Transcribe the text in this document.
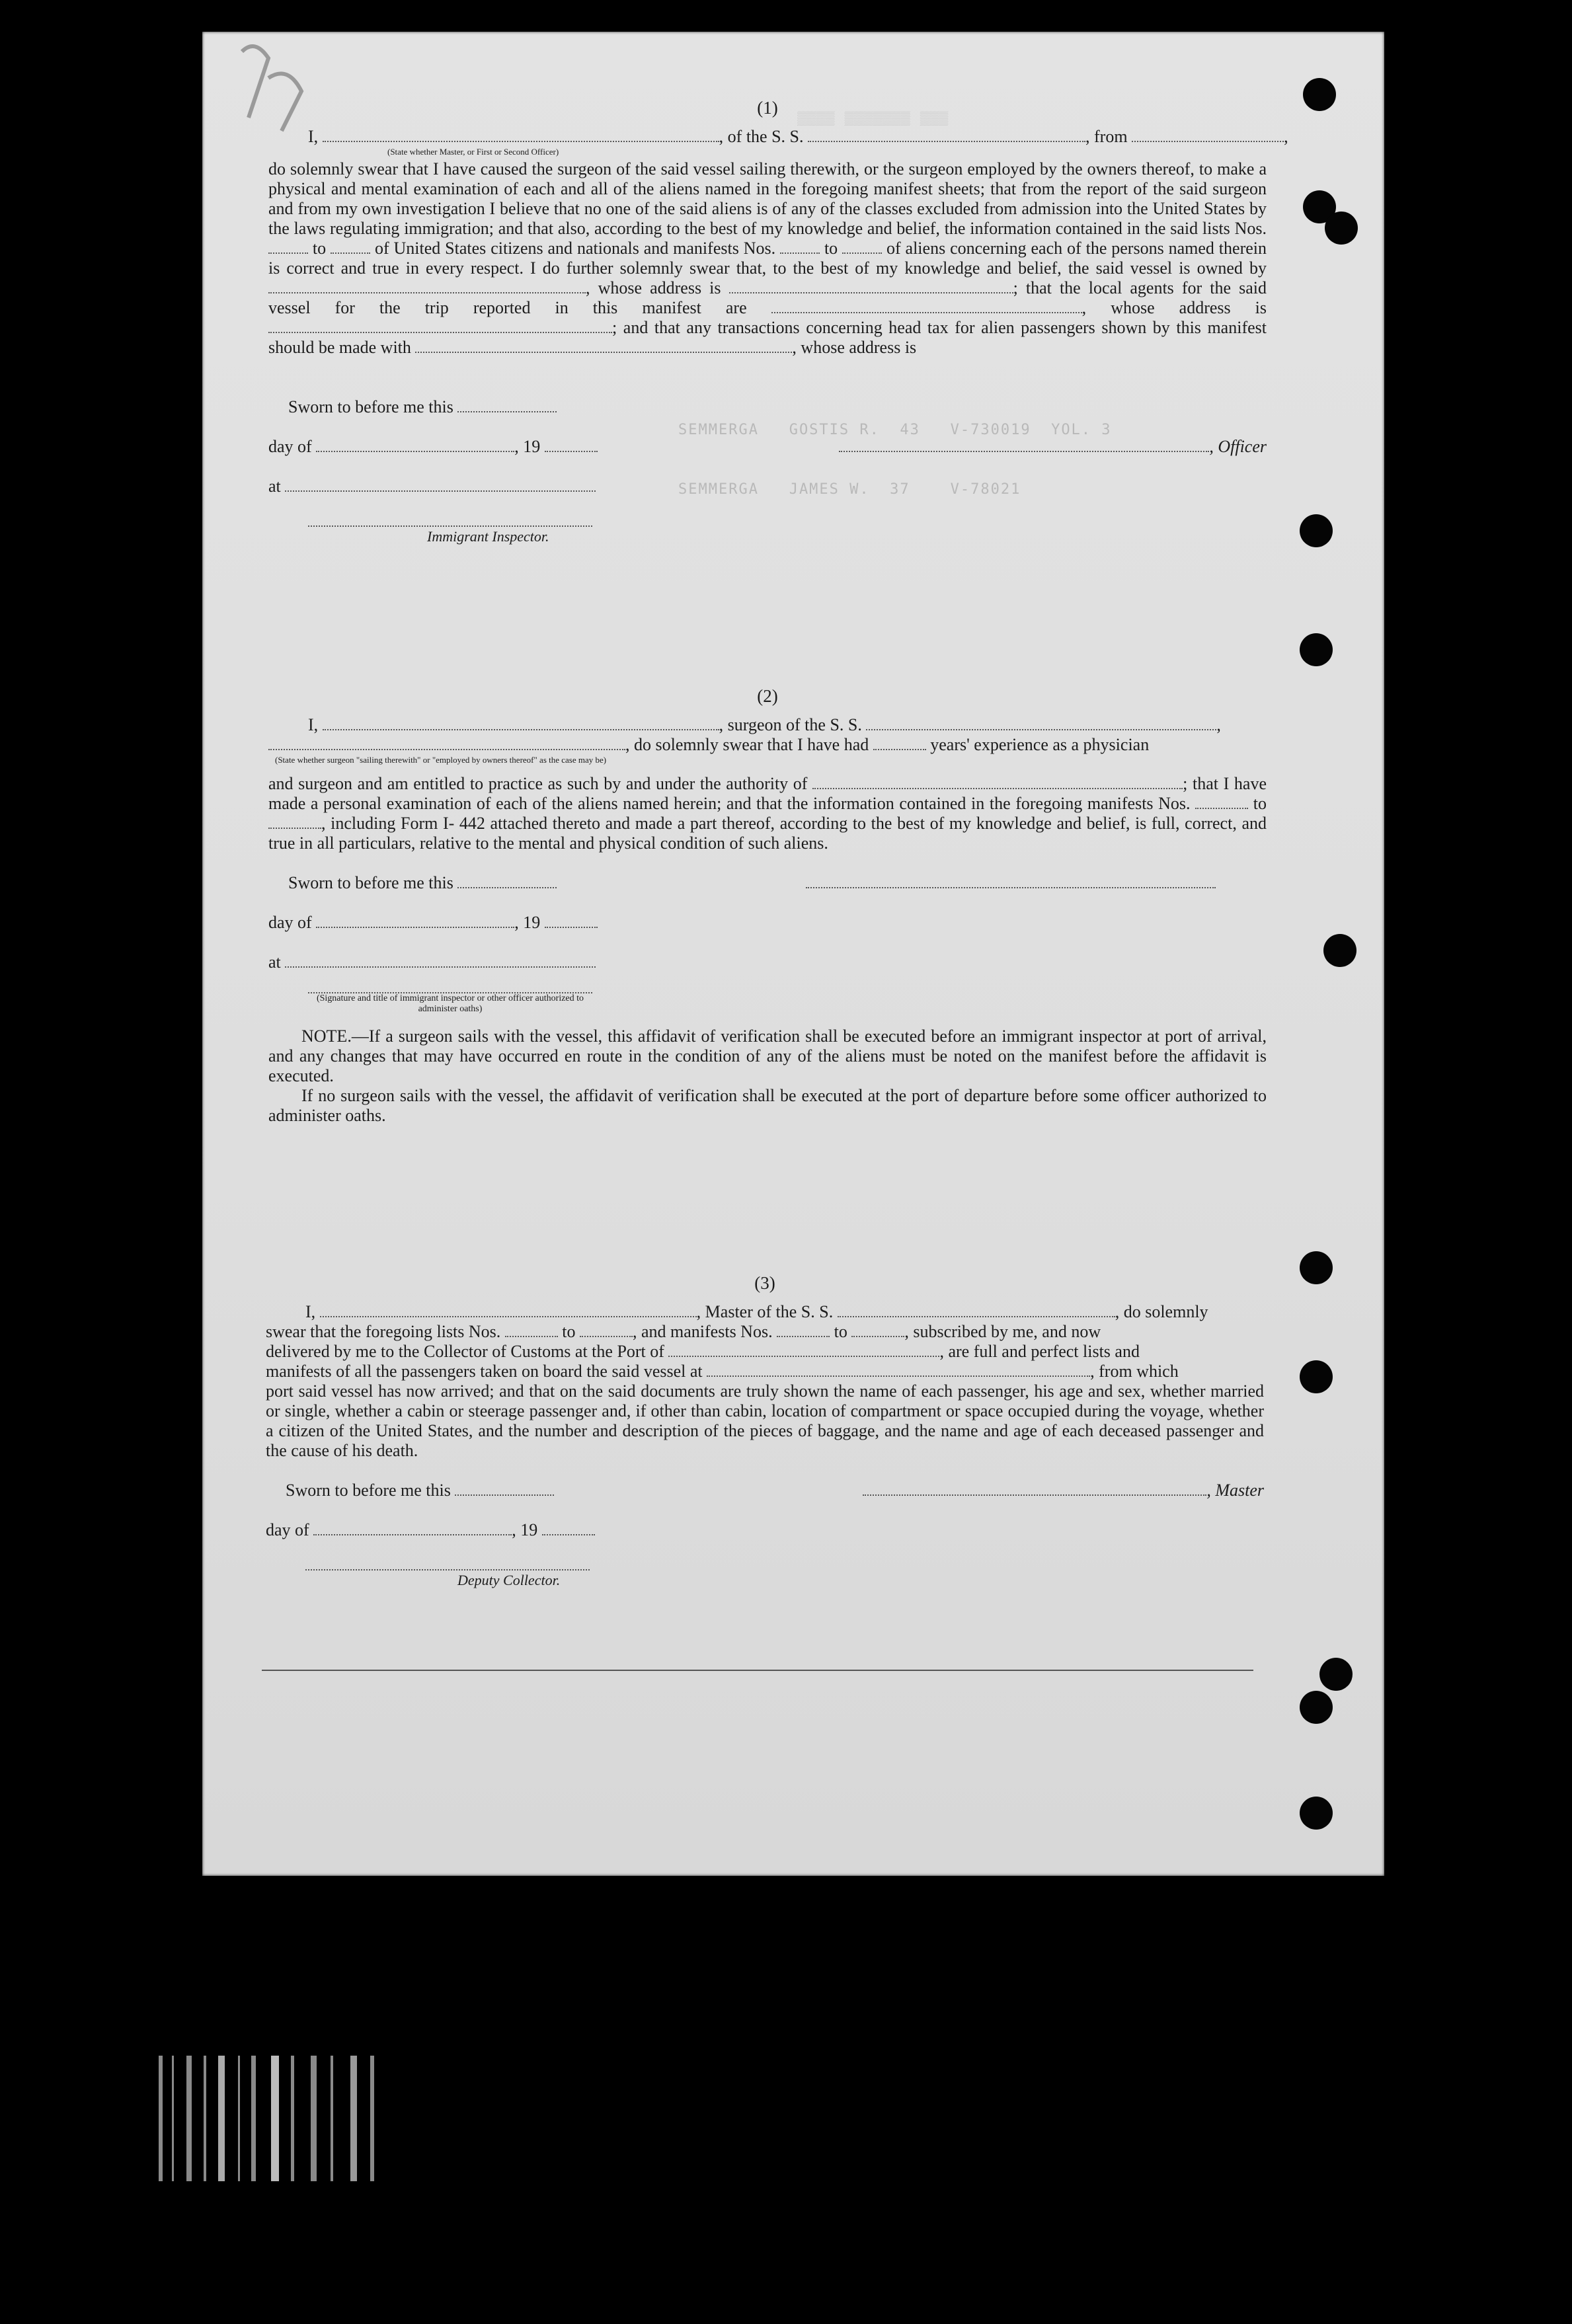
SEMMERGA   GOSTIS R.  43   V-730019  YOL. 3
SEMMERGA   JAMES W.  37    V-78021
▒▒▒▒   ▒▒▒▒▒▒▒   ▒▒▒
(1)
I,	, of the S. S.	, from	,
(State whether Master, or First or Second Officer)
do solemnly swear that I have caused the surgeon of the said vessel sailing therewith, or the surgeon employed by the owners thereof, to make a physical and mental examination of each and all of the aliens named in the foregoing manifest sheets; that from the report of the said surgeon and from my own investigation I believe that no one of the said aliens is of any of the classes excluded from admission into the United States by the laws regulating immigration; and that also, according to the best of my knowledge and belief, the information contained in the said lists Nos.  to	of United States citizens and nationals and manifests Nos.	to	of aliens concerning each of the persons named therein is correct and true in every respect. I do further solemnly swear that, to the best of my knowledge and belief, the said vessel is owned by , whose address is	; that the local agents for the said vessel for the trip reported in this manifest are	, whose address is ; and that any transactions concerning head tax for alien passengers shown by this manifest should be made with	, whose address is
Sworn to before me this
day of	, 19	, Officer
at
Immigrant Inspector.
(2)
I,	, surgeon of the S. S.	,
, do solemnly swear that I have had	years' experience as a physician
(State whether surgeon "sailing therewith" or "employed by owners thereof" as the case may be)
and surgeon and am entitled to practice as such by and under the authority of	; that I have made a personal examination of each of the aliens named herein; and that the information contained in the foregoing manifests Nos.	to , including Form I- 442 attached thereto and made a part thereof, according to the best of my knowledge and belief, is full, correct, and true in all particulars, relative to the mental and physical condition of such aliens.
Sworn to before me this
day of	, 19
at
(Signature and title of immigrant inspector or other officer authorized to administer oaths)
NOTE.—If a surgeon sails with the vessel, this affidavit of verification shall be executed before an immigrant inspector at port of arrival, and any changes that may have occurred en route in the condition of any of the aliens must be noted on the manifest before the affidavit is executed.
If no surgeon sails with the vessel, the affidavit of verification shall be executed at the port of departure before some officer authorized to administer oaths.
(3)
I,	, Master of the S. S.	, do solemnly
swear that the foregoing lists Nos.	to	, and manifests Nos.	to	, subscribed by me, and now
delivered by me to the Collector of Customs at the Port of	, are full and perfect lists and
manifests of all the passengers taken on board the said vessel at	, from which
port said vessel has now arrived; and that on the said documents are truly shown the name of each passenger, his age and sex, whether married or single, whether a cabin or steerage passenger and, if other than cabin, location of compartment or space occupied during the voyage, whether a citizen of the United States, and the number and description of the pieces of baggage, and the name and age of each deceased passenger and the cause of his death.
Sworn to before me this	, Master
day of	, 19
Deputy Collector.
